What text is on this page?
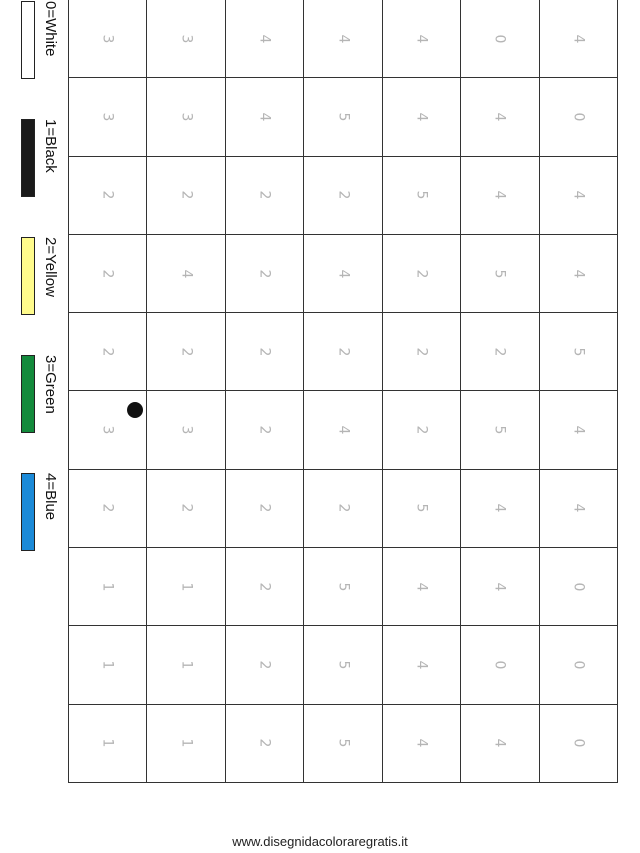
0=White
1=Black
2=Yellow
3=Green
4=Blue
3	3	4	4	4	0	4
3	3	4	5	4	4	0
2	2	2	2	5	4	4
2	4	2	4	2	5	4
2	2	2	2	2	2	5
3	3	2	4	2	5	4
2	2	2	2	5	4	4
1	1	2	5	4	4	0
1	1	2	5	4	0	0
1	1	2	5	4	4	0
www.disegnidacoloraregratis.it
